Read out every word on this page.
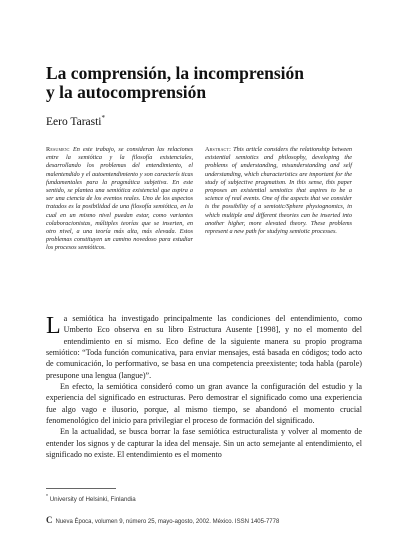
La comprensión, la incomprensión
y la autocomprensión
Eero Tarasti*
Resumen: En este trabajo, se consideran las relaciones entre la semiótica y la filosofía existenciales, desarrollando los problemas del entendimiento, el malentendido y el autoentendimiento y son caracterís ticas fundamentales para la pragmática subjetiva. En este sentido, se plantea una semiótica existencial que aspira a ser una ciencia de los eventos reales. Uno de los aspectos tratados es la posibilidad de una filosofía semiótica, en la cual en un mismo nivel puedan estar, como variantes colaboracionistas, múltiples teorías que se inserten, en otro nivel, a una teoría más alta, más elevada. Estos problemas constituyen un camino novedoso para estudiar los procesos semióticos.
Abstract: This article considers the relationship between existential semiotics and philosophy, developing the problems of understanding, misunderstanding and self understanding, which characteristics are important for the study of subjective pragmatism. In this sense, this paper proposes an existential semiotics that aspires to be a science of real events. One of the aspects that we consider is the possibility of a semiotic/Sphere physiognomics, in which multiple and different theories can be inserted into another higher, more elevated theory. These problems represent a new path for studying semiotic processes.

La semiótica ha investigado principalmente las condiciones del entendimiento, como Umberto Eco observa en su libro Estructura Ausente [1998], y no el momento del entendimiento en sí mismo. Eco define de la siguiente manera su propio programa semiótico: “Toda función comunicativa, para enviar mensajes, está basada en códigos; todo acto de comunicación, lo performativo, se basa en una competencia preexistente; toda habla (parole) presupone una lengua (langue)”.

En efecto, la semiótica consideró como un gran avance la configuración del estudio y la experiencia del significado en estructuras. Pero demostrar el significado como una experiencia fue algo vago e ilusorio, porque, al mismo tiempo, se abandonó el momento crucial fenomenológico del inicio para privilegiar el proceso de formación del significado.

En la actualidad, se busca borrar la fase semiótica estructuralista y volver al momento de entender los signos y de capturar la idea del mensaje. Sin un acto semejante al entendimiento, el significado no existe. El entendimiento es el momento

* University of Helsinki, Finlandia
C Nueva Época, volumen 9, número 25, mayo-agosto, 2002. México. ISSN 1405-7778
